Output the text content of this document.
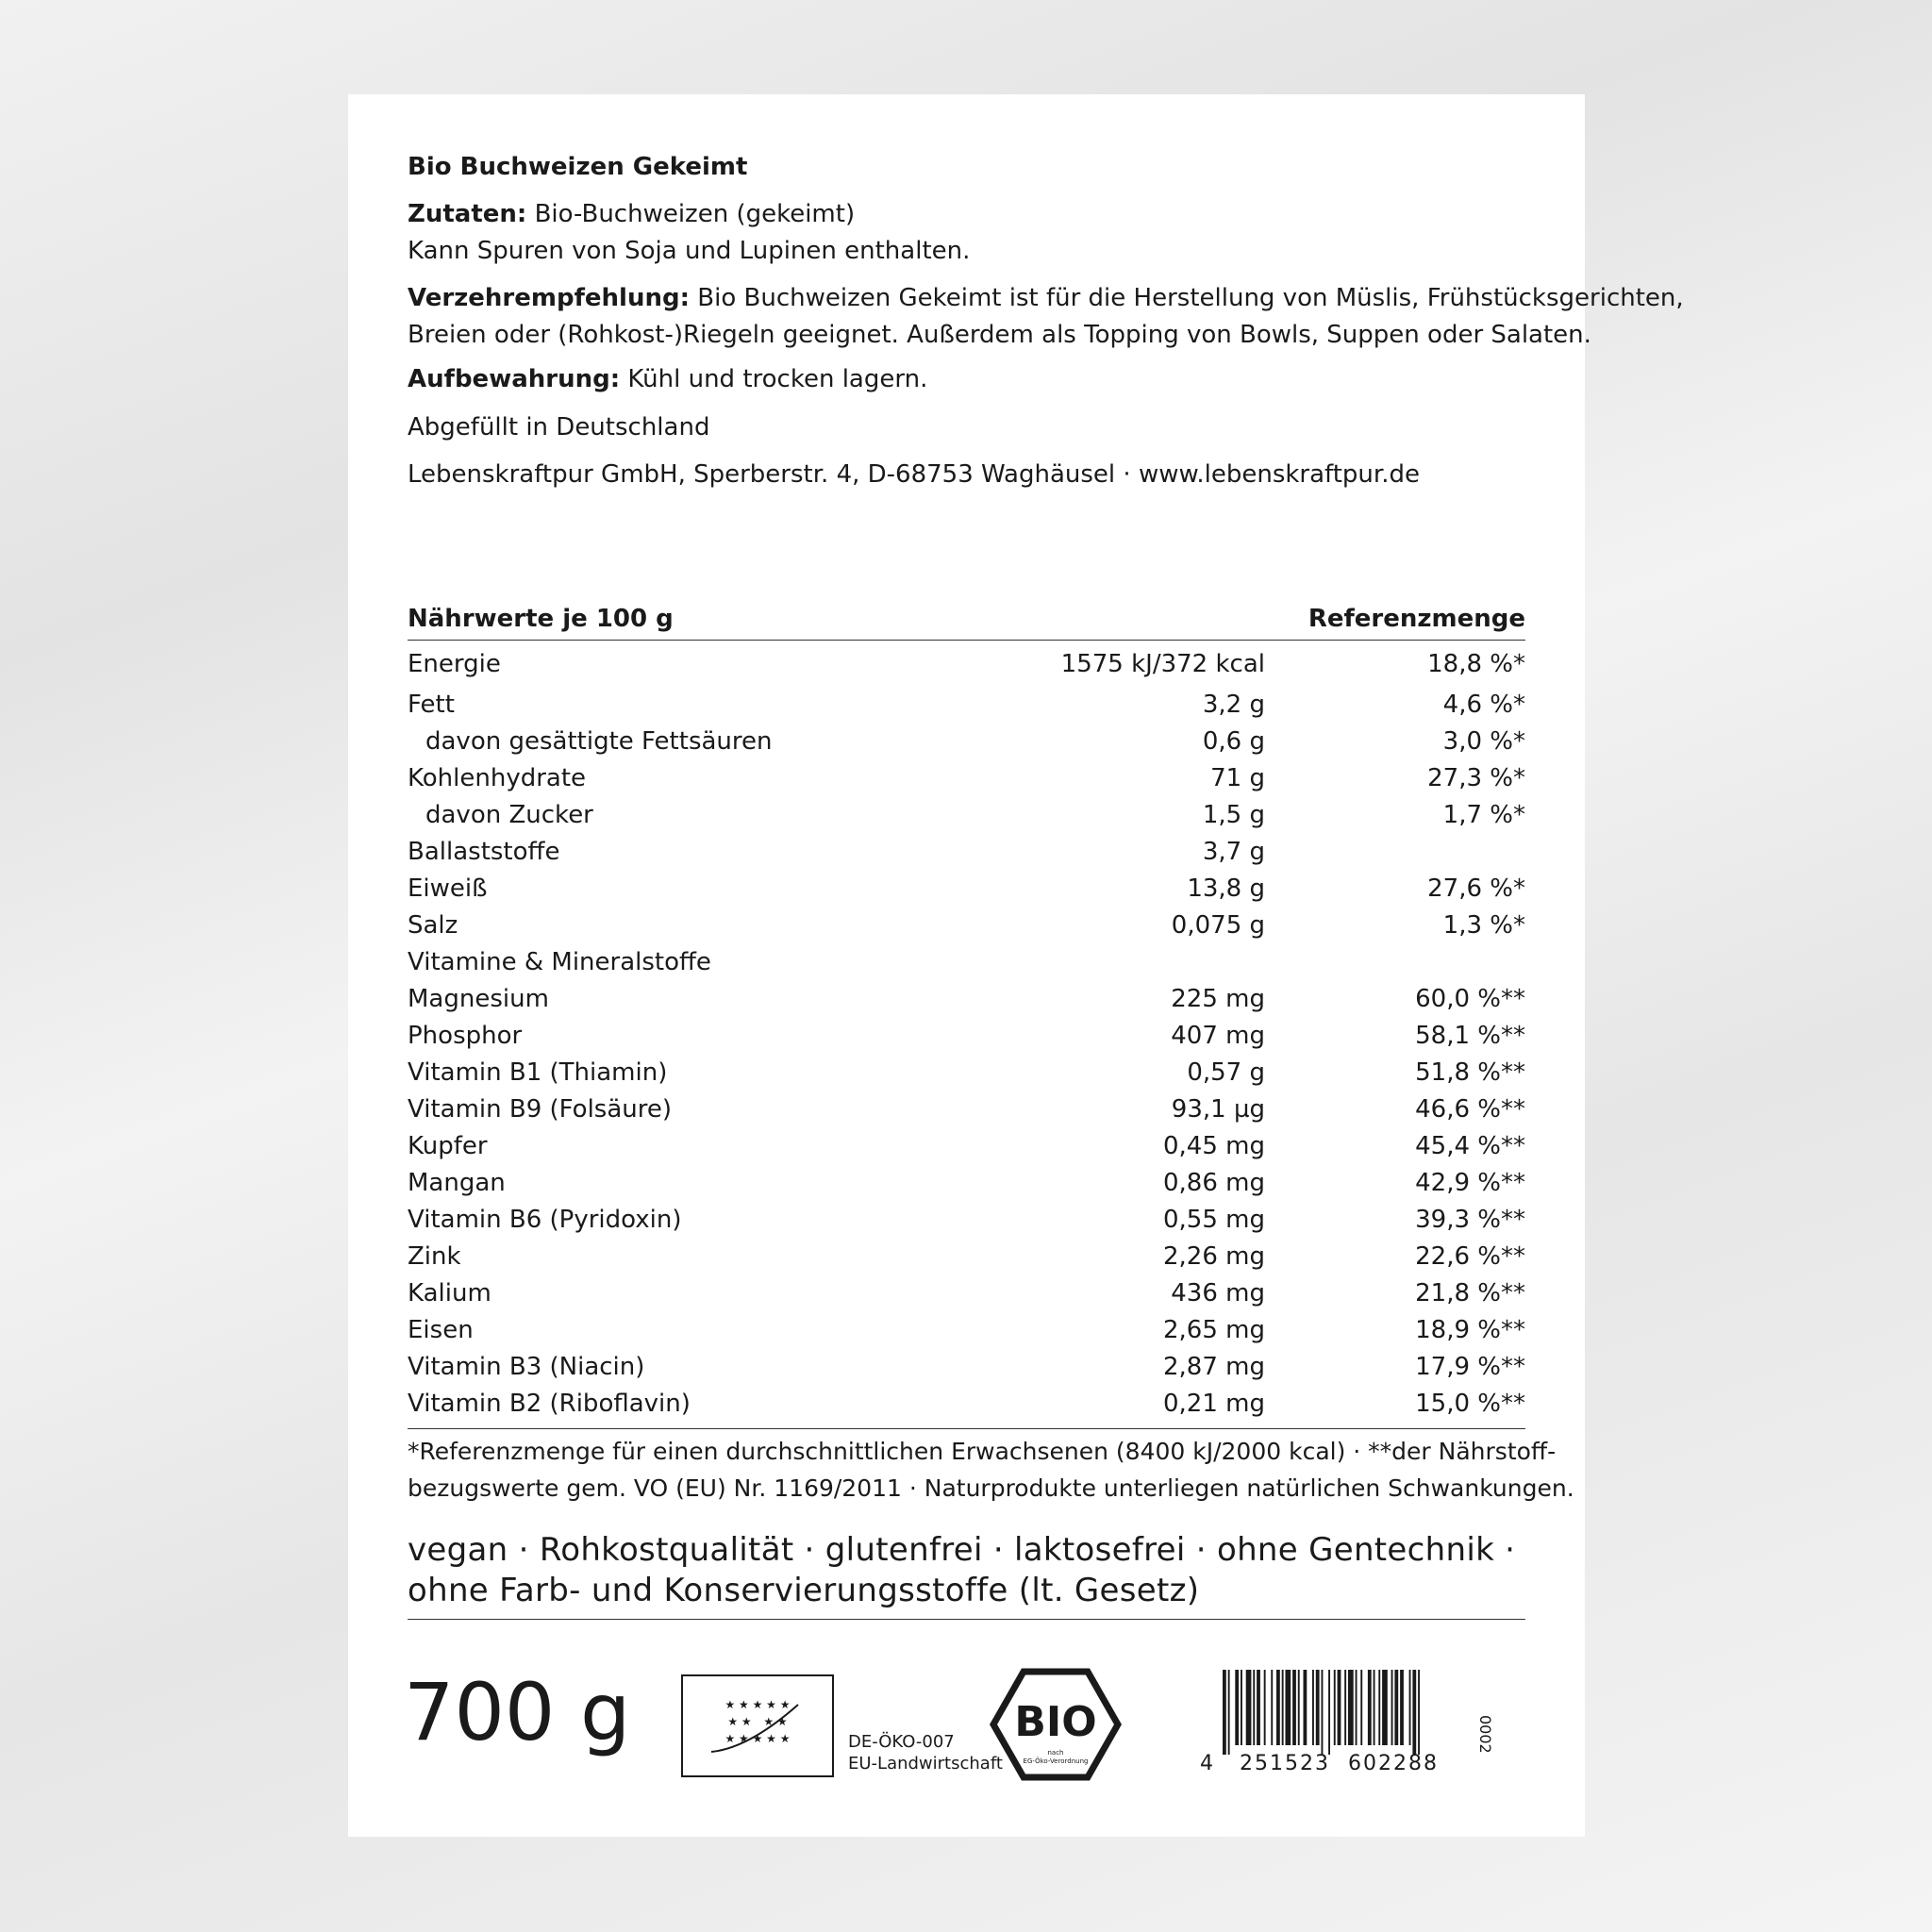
Bio Buchweizen Gekeimt
Zutaten: Bio-Buchweizen (gekeimt)
Kann Spuren von Soja und Lupinen enthalten.
Verzehrempfehlung: Bio Buchweizen Gekeimt ist für die Herstellung von Müslis, Frühstücksgerichten,
Breien oder (Rohkost-)Riegeln geeignet. Außerdem als Topping von Bowls, Suppen oder Salaten.
Aufbewahrung: Kühl und trocken lagern.
Abgefüllt in Deutschland
Lebenskraftpur GmbH, Sperberstr. 4, D-68753 Waghäusel · www.lebenskraftpur.de
Nährwerte je 100 g	Referenzmenge
Energie	1575 kJ/372 kcal	18,8 %*
Fett	3,2 g	4,6 %*
davon gesättigte Fettsäuren	0,6 g	3,0 %*
Kohlenhydrate	71 g	27,3 %*
davon Zucker	1,5 g	1,7 %*
Ballaststoffe	3,7 g
Eiweiß	13,8 g	27,6 %*
Salz	0,075 g	1,3 %*
Vitamine & Mineralstoffe
Magnesium	225 mg	60,0 %**
Phosphor	407 mg	58,1 %**
Vitamin B1 (Thiamin)	0,57 g	51,8 %**
Vitamin B9 (Folsäure)	93,1 µg	46,6 %**
Kupfer	0,45 mg	45,4 %**
Mangan	0,86 mg	42,9 %**
Vitamin B6 (Pyridoxin)	0,55 mg	39,3 %**
Zink	2,26 mg	22,6 %**
Kalium	436 mg	21,8 %**
Eisen	2,65 mg	18,9 %**
Vitamin B3 (Niacin)	2,87 mg	17,9 %**
Vitamin B2 (Riboflavin)	0,21 mg	15,0 %**
*Referenzmenge für einen durchschnittlichen Erwachsenen (8400 kJ/2000 kcal) · **der Nährstoff-
bezugswerte gem. VO (EU) Nr. 1169/2011 · Naturprodukte unterliegen natürlichen Schwankungen.
vegan · Rohkostqualität · glutenfrei · laktosefrei · ohne Gentechnik ·
ohne Farb- und Konservierungsstoffe (lt. Gesetz)
700 g	★ ★ ★ ★ ★
★ ★ ★ ★
★ ★ ★ ★ ★	DE-ÖKO-007
EU-Landwirtschaft
BIO
nach
EG-Öko-Verordnung	4 251523 602288
0002
